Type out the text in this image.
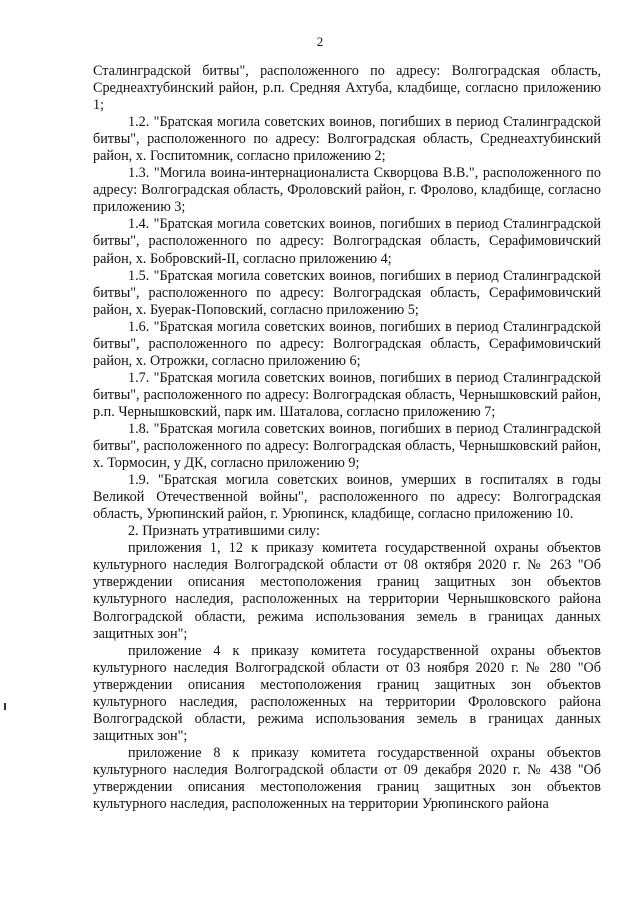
2

Сталинградской битвы", расположенного по адресу: Волгоградская область, Среднеахтубинский район, р.п. Средняя Ахтуба, кладбище, согласно приложению 1;

1.2. "Братская могила советских воинов, погибших в период Сталинградской битвы", расположенного по адресу: Волгоградская область, Среднеахтубинский район, х. Госпитомник, согласно приложению 2;

1.3. "Могила воина-интернационалиста Скворцова В.В.", расположенного по адресу: Волгоградская область, Фроловский район, г. Фролово, кладбище, согласно приложению 3;

1.4. "Братская могила советских воинов, погибших в период Сталинградской битвы", расположенного по адресу: Волгоградская область, Серафимовичский район, х. Бобровский-II, согласно приложению 4;

1.5. "Братская могила советских воинов, погибших в период Сталинградской битвы", расположенного по адресу: Волгоградская область, Серафимовичский район, х. Буерак-Поповский, согласно приложению 5;

1.6. "Братская могила советских воинов, погибших в период Сталинградской битвы", расположенного по адресу: Волгоградская область, Серафимовичский район, х. Отрожки, согласно приложению 6;

1.7. "Братская могила советских воинов, погибших в период Сталинградской битвы", расположенного по адресу: Волгоградская область, Чернышковский район, р.п. Чернышковский, парк им. Шаталова, согласно приложению 7;

1.8. "Братская могила советских воинов, погибших в период Сталинградской битвы", расположенного по адресу: Волгоградская область, Чернышковский район, х. Тормосин, у ДК, согласно приложению 9;

1.9. "Братская могила советских воинов, умерших в госпиталях в годы Великой Отечественной войны", расположенного по адресу: Волгоградская область, Урюпинский район, г. Урюпинск, кладбище, согласно приложению 10.

2. Признать утратившими силу:

приложения 1, 12 к приказу комитета государственной охраны объектов культурного наследия Волгоградской области от 08 октября 2020 г. № 263 "Об утверждении описания местоположения границ защитных зон объектов культурного наследия, расположенных на территории Чернышковского района Волгоградской области, режима использования земель в границах данных защитных зон";

приложение 4 к приказу комитета государственной охраны объектов культурного наследия Волгоградской области от 03 ноября 2020 г. № 280 "Об утверждении описания местоположения границ защитных зон объектов культурного наследия, расположенных на территории Фроловского района Волгоградской области, режима использования земель в границах данных защитных зон";

приложение 8 к приказу комитета государственной охраны объектов культурного наследия Волгоградской области от 09 декабря 2020 г. № 438 "Об утверждении описания местоположения границ защитных зон объектов культурного наследия, расположенных на территории Урюпинского района
